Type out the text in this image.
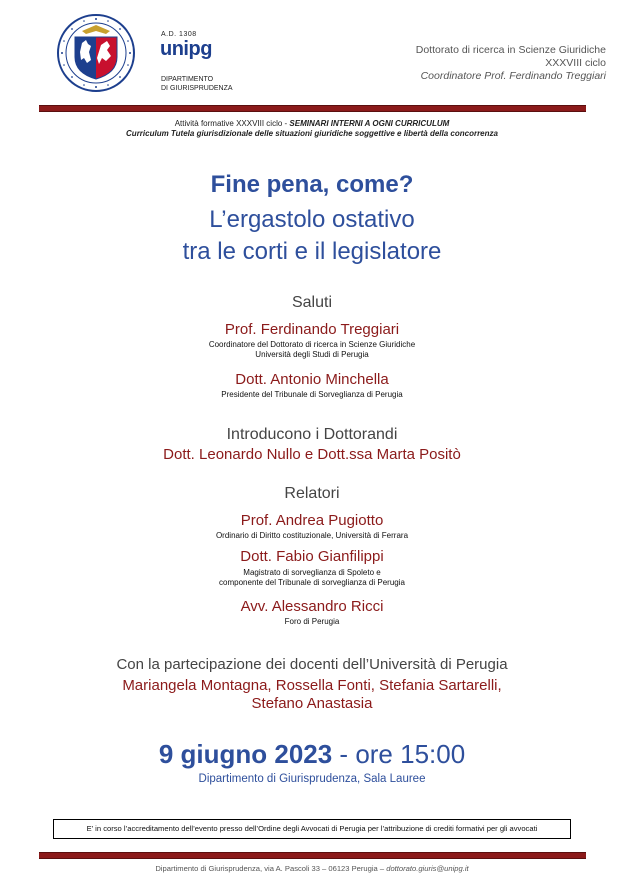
A.D. 1308
unipg
DIPARTIMENTO
DI GIURISPRUDENZA
Dottorato di ricerca in Scienze Giuridiche
XXXVIII ciclo
Coordinatore Prof. Ferdinando Treggiari
Attività formative XXXVIII ciclo - SEMINARI INTERNI A OGNI CURRICULUM
Curriculum Tutela giurisdizionale delle situazioni giuridiche soggettive e libertà della concorrenza
Fine pena, come?
L’ergastolo ostativo
tra le corti e il legislatore
Saluti
Prof. Ferdinando Treggiari
Coordinatore del Dottorato di ricerca in Scienze Giuridiche
Università degli Studi di Perugia
Dott. Antonio Minchella
Presidente del Tribunale di Sorveglianza di Perugia
Introducono i Dottorandi
Dott. Leonardo Nullo e Dott.ssa Marta Positò
Relatori
Prof. Andrea Pugiotto
Ordinario di Diritto costituzionale, Università di Ferrara
Dott. Fabio Gianfilippi
Magistrato di sorveglianza di Spoleto e
componente del Tribunale di sorveglianza di Perugia
Avv. Alessandro Ricci
Foro di Perugia
Con la partecipazione dei docenti dell’Università di Perugia
Mariangela Montagna, Rossella Fonti, Stefania Sartarelli,
Stefano Anastasia
9 giugno 2023 - ore 15:00
Dipartimento di Giurisprudenza, Sala Lauree
E’ in corso l’accreditamento dell’evento presso dell’Ordine degli Avvocati di Perugia per l’attribuzione di crediti formativi per gli avvocati
Dipartimento di Giurisprudenza, via A. Pascoli 33 – 06123 Perugia – dottorato.giuris@unipg.it
